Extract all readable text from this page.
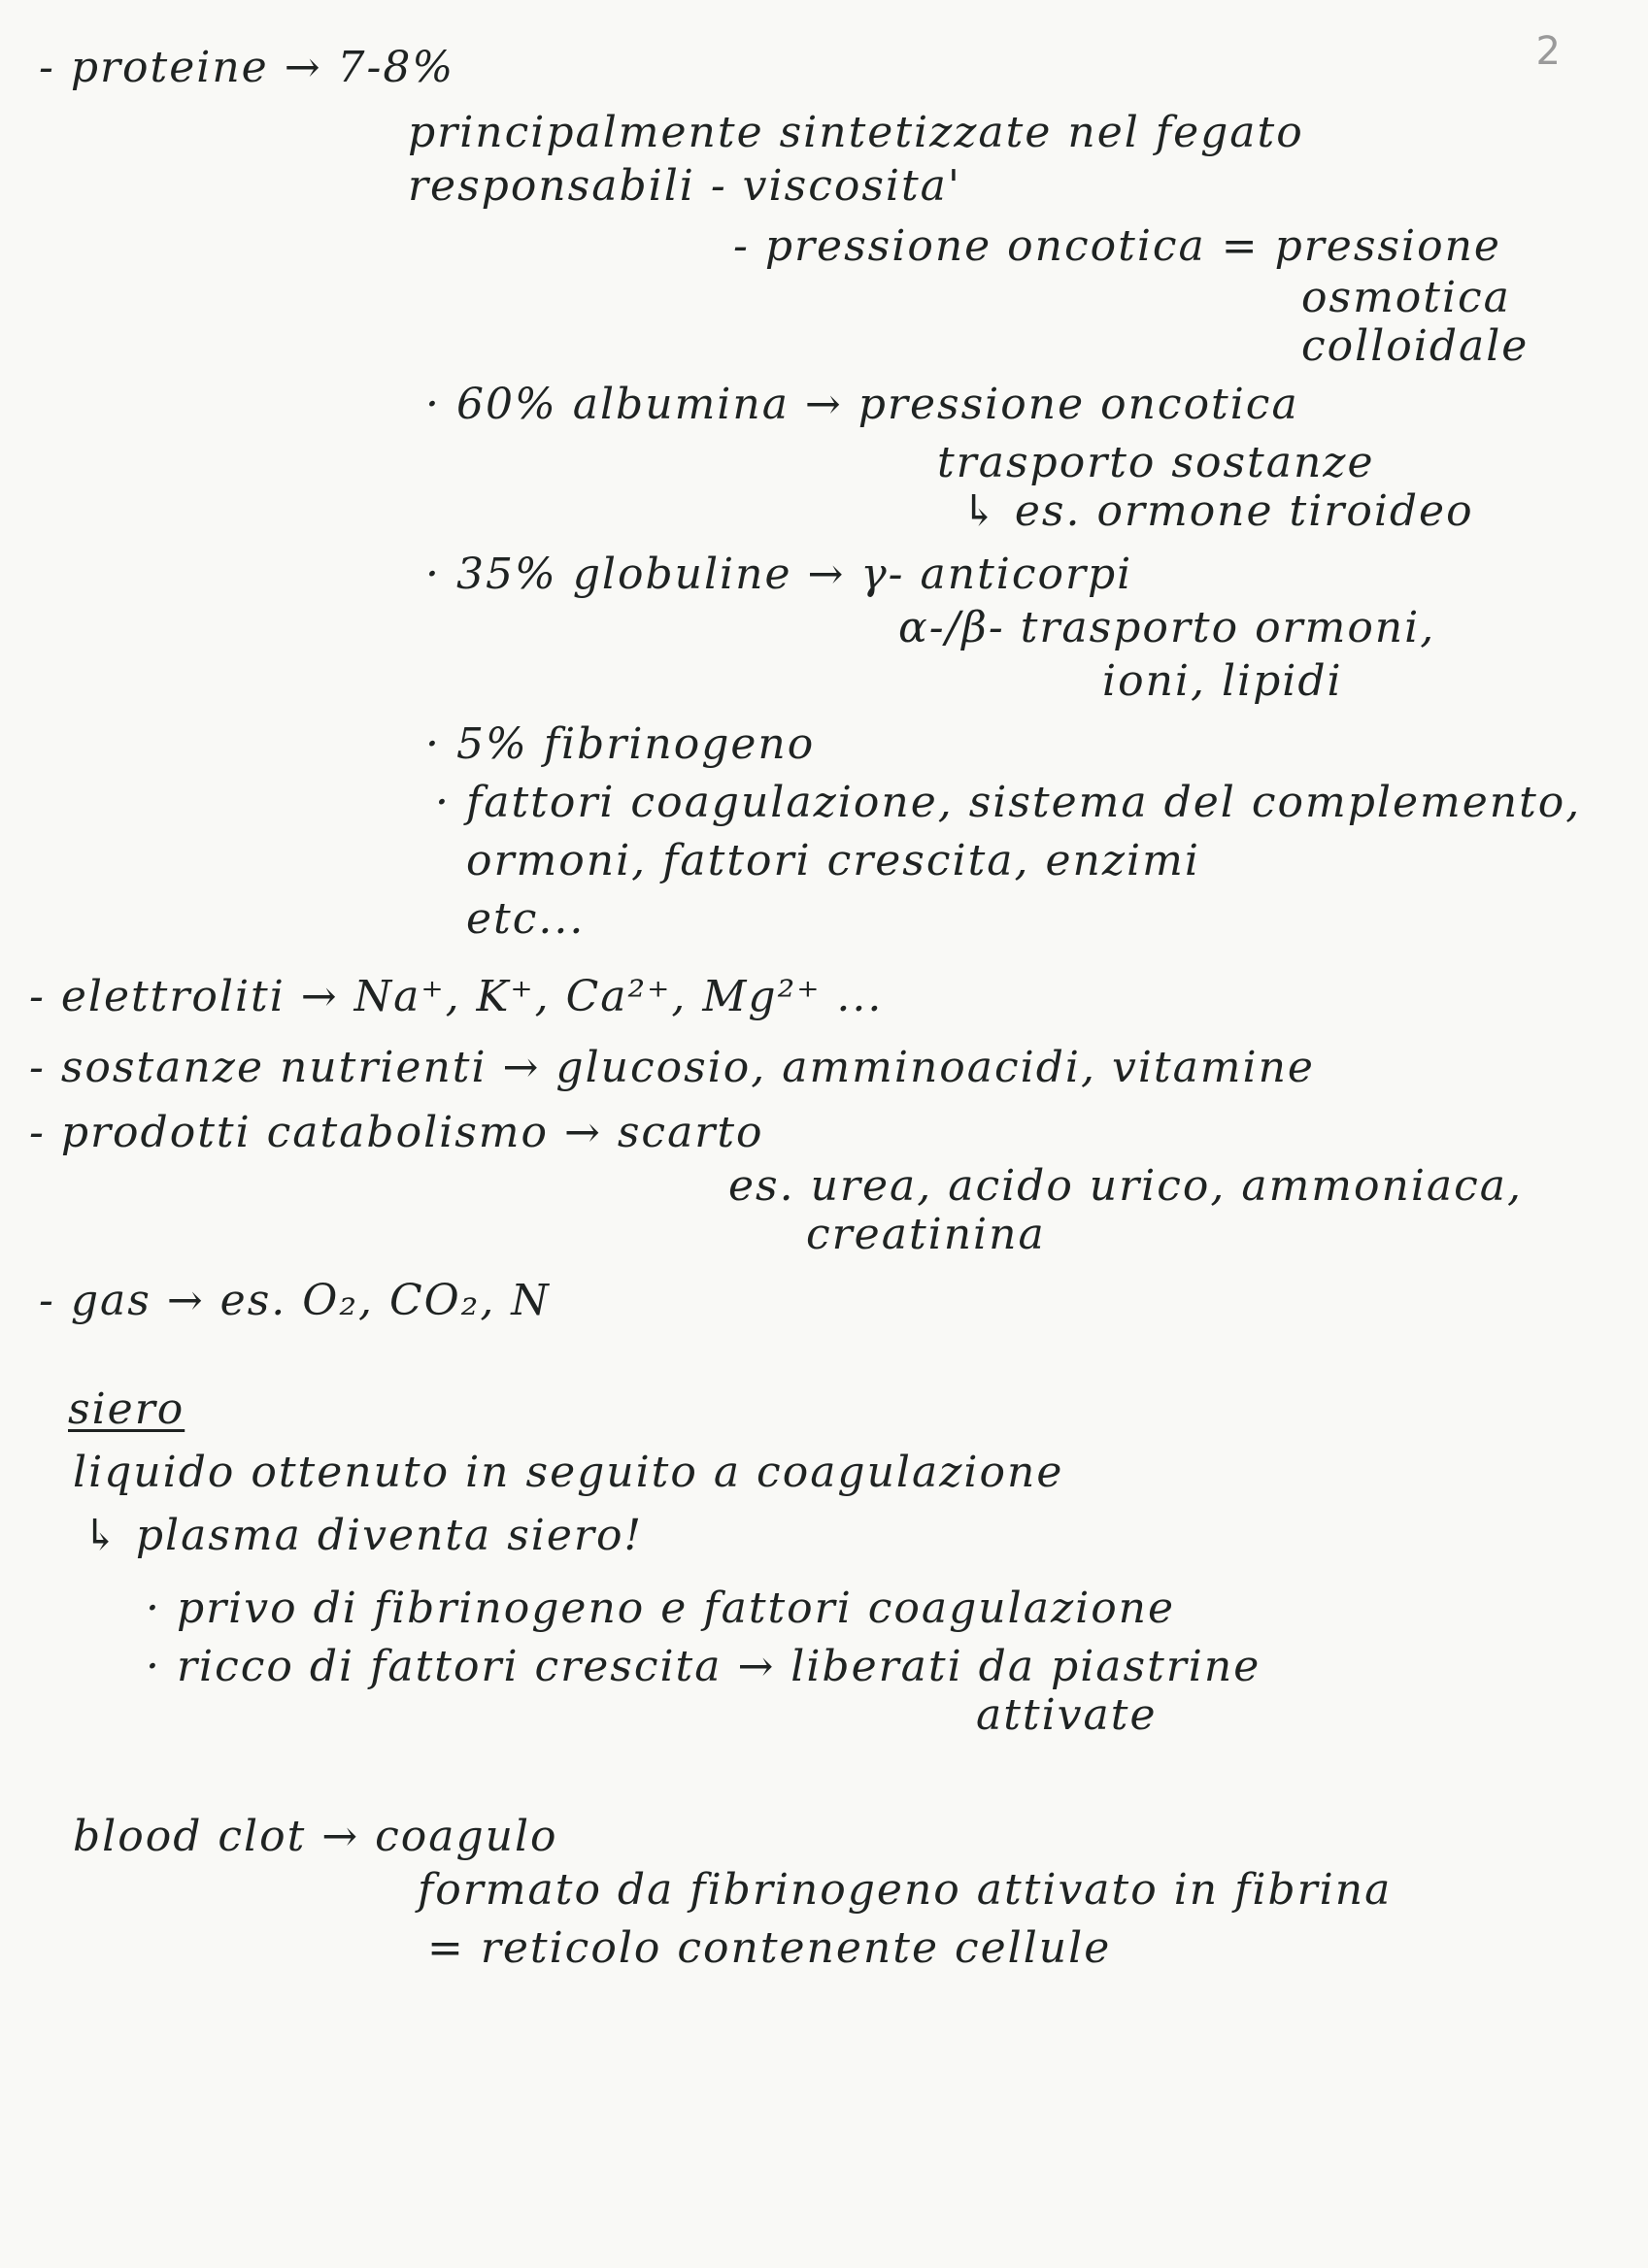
2
- proteine → 7-8%
principalmente sintetizzate nel fegato
responsabili - viscosita'
- pressione oncotica = pressione
osmotica
colloidale
· 60% albumina → pressione oncotica
trasporto sostanze
↳ es. ormone tiroideo
· 35% globuline → γ- anticorpi
α-/β- trasporto ormoni,
ioni, lipidi
· 5% fibrinogeno
· fattori coagulazione, sistema del complemento,
ormoni, fattori crescita, enzimi
etc...
- elettroliti → Na⁺, K⁺, Ca²⁺, Mg²⁺ ...
- sostanze nutrienti → glucosio, amminoacidi, vitamine
- prodotti catabolismo → scarto
es. urea, acido urico, ammoniaca,
creatinina
- gas → es. O₂, CO₂, N
siero
liquido ottenuto in seguito a coagulazione
↳ plasma diventa siero!
· privo di fibrinogeno e fattori coagulazione
· ricco di fattori crescita → liberati da piastrine
attivate
blood clot → coagulo
formato da fibrinogeno attivato in fibrina
= reticolo contenente cellule
